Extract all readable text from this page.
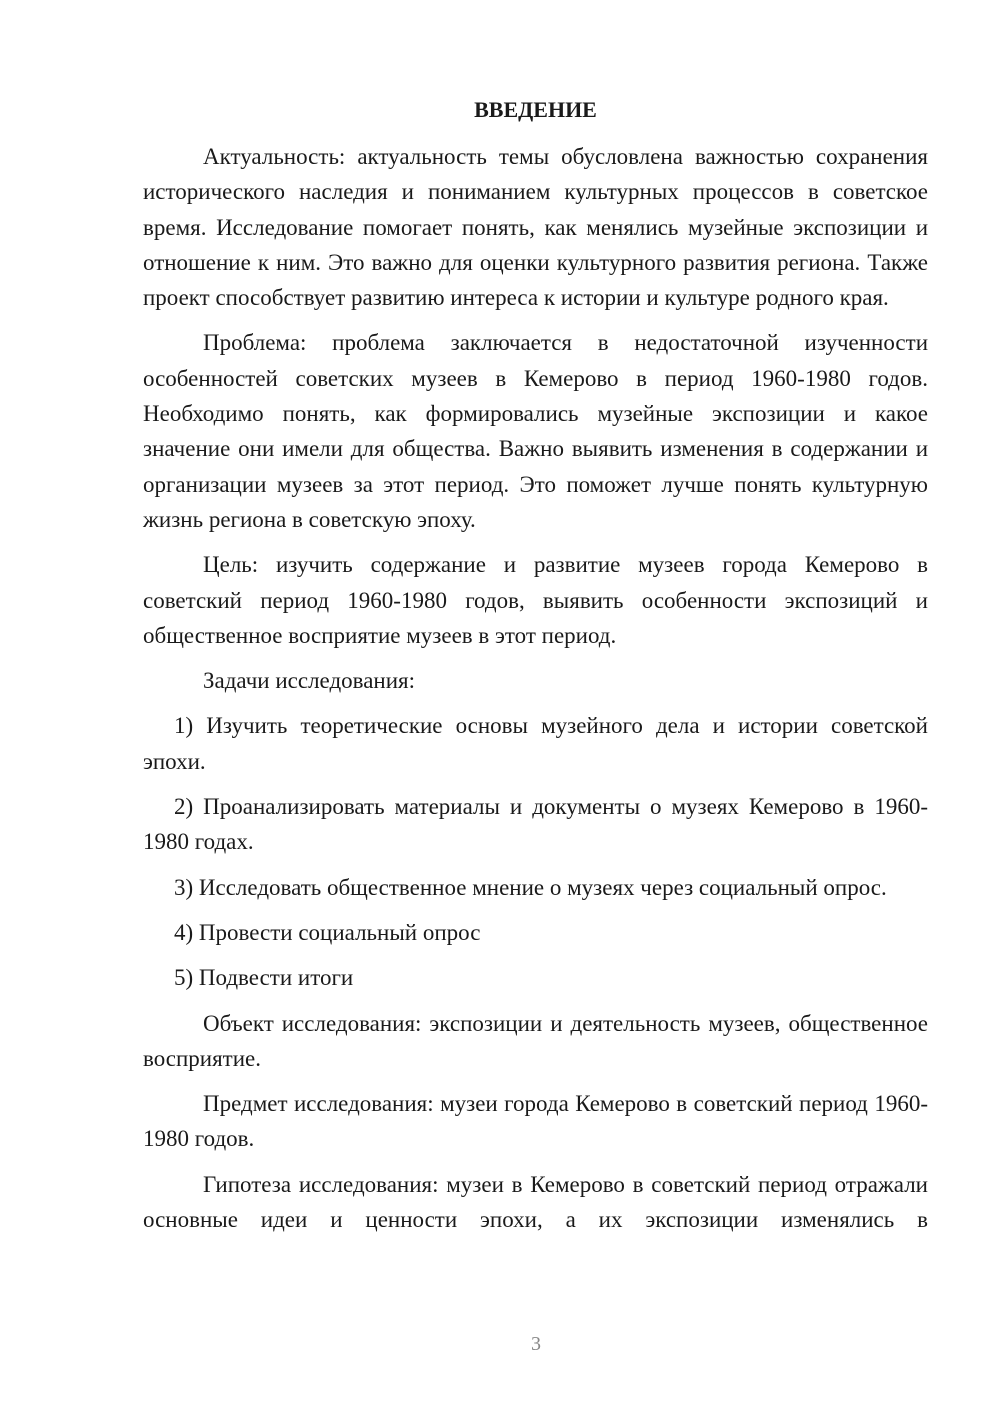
ВВЕДЕНИЕ

Актуальность: актуальность темы обусловлена важностью сохранения исторического наследия и пониманием культурных процессов в советское время. Исследование помогает понять, как менялись музейные экспозиции и отношение к ним. Это важно для оценки культурного развития региона. Также проект способствует развитию интереса к истории и культуре родного края.

Проблема: проблема заключается в недостаточной изученности особенностей советских музеев в Кемерово в период 1960-1980 годов. Необходимо понять, как формировались музейные экспозиции и какое значение они имели для общества. Важно выявить изменения в содержании и организации музеев за этот период. Это поможет лучше понять культурную жизнь региона в советскую эпоху.

Цель: изучить содержание и развитие музеев города Кемерово в советский период 1960-1980 годов, выявить особенности экспозиций и общественное восприятие музеев в этот период.

Задачи исследования:

1) Изучить теоретические основы музейного дела и истории советской эпохи.

2) Проанализировать материалы и документы о музеях Кемерово в 1960-1980 годах.

3) Исследовать общественное мнение о музеях через социальный опрос.

4) Провести социальный опрос

5) Подвести итоги

Объект исследования: экспозиции и деятельность музеев, общественное восприятие.

Предмет исследования: музеи города Кемерово в советский период 1960-1980 годов.

Гипотеза исследования: музеи в Кемерово в советский период отражали основные идеи и ценности эпохи, а их экспозиции изменялись в

3
